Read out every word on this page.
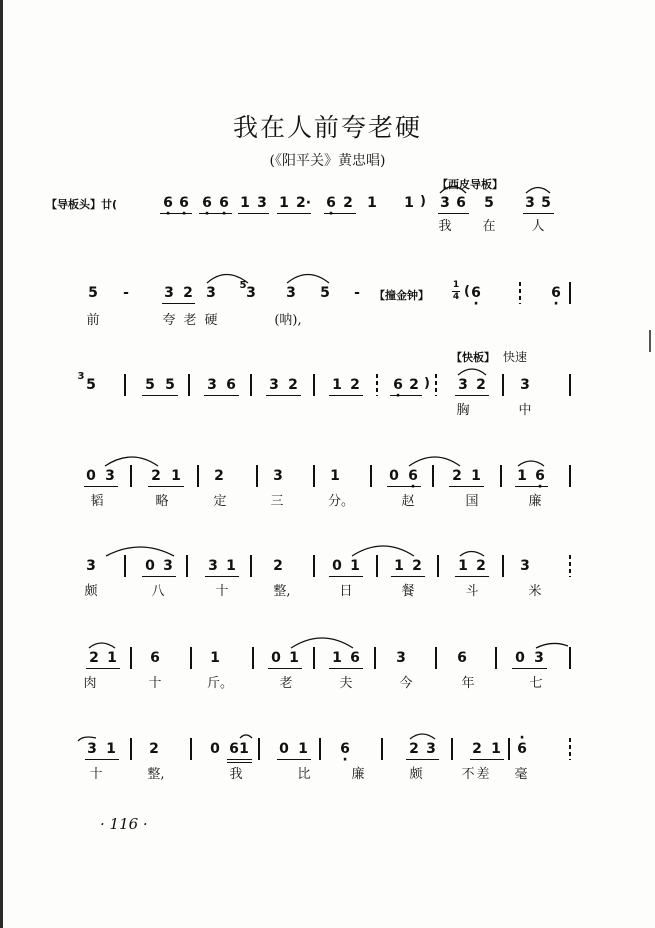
我在人前夸老硬
(《阳平关》黄忠唱)
【西皮导板】
【导板头】廿(	· 6 · 6 · 6 · 6 1 3 1 2· · 6 2 1 1 ) 3 6 5 3 5
我 在	人
5 -	3 2 3 5 3 3 5 -	【撞金钟】
1
4 ( · 6	· 6
前	夸 老 硬	(呐),
【快板】 快速
3
5	5 5 3 6 3 2 1 2 · 6 2 ) 3 2 3
胸	中
0 3	2 1 2	3	1	0 · 6 2 1	1 · 6
韬	略	定	三	分。	赵	国	廉
3	0 3	3 1	2	0 1 1 2	1 2 3
颇	八	十	整,	日	餐	斗	米
2 1 6	1	0 1 1 6	3	6	0 3
肉	十	斤。	老	夫	今	年	七
3 1 2	0 6 1 0 1 · 6	2 3	2 1 6 ·
十	整,	我	比	廉	颇	不 差 毫
· 116 ·
